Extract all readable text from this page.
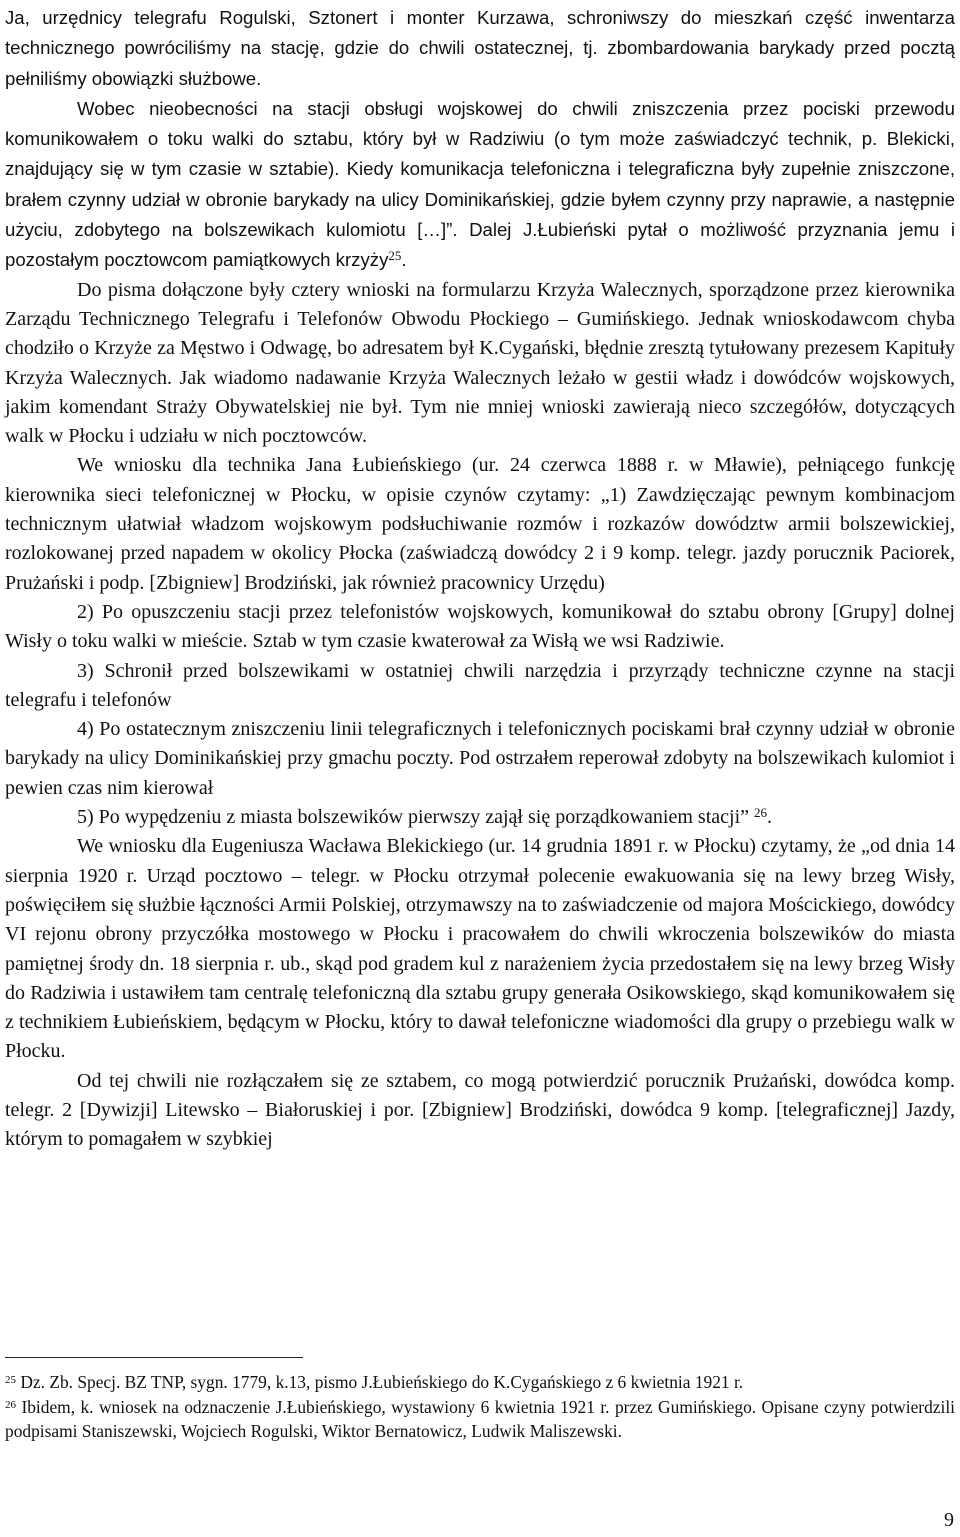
Ja, urzędnicy telegrafu Rogulski, Sztonert i monter Kurzawa, schroniwszy do mieszkań część inwentarza technicznego powróciliśmy na stację, gdzie do chwili ostatecznej, tj. zbombardowania barykady przed pocztą pełniliśmy obowiązki służbowe.

Wobec nieobecności na stacji obsługi wojskowej do chwili zniszczenia przez pociski przewodu komunikowałem o toku walki do sztabu, który był w Radziwiu (o tym może zaświadczyć technik, p. Blekicki, znajdujący się w tym czasie w sztabie). Kiedy komunikacja telefoniczna i telegraficzna były zupełnie zniszczone, brałem czynny udział w obronie barykady na ulicy Dominikańskiej, gdzie byłem czynny przy naprawie, a następnie użyciu, zdobytego na bolszewikach kulomiotu […]”. Dalej J.Łubieński pytał o możliwość przyznania jemu i pozostałym pocztowcom pamiątkowych krzyży$^{25}$.

Do pisma dołączone były cztery wnioski na formularzu Krzyża Walecznych, sporządzone przez kierownika Zarządu Technicznego Telegrafu i Telefonów Obwodu Płockiego – Gumińskiego. Jednak wnioskodawcom chyba chodziło o Krzyże za Męstwo i Odwagę, bo adresatem był K.Cygański, błędnie zresztą tytułowany prezesem Kapituły Krzyża Walecznych. Jak wiadomo nadawanie Krzyża Walecznych leżało w gestii władz i dowódców wojskowych, jakim komendant Straży Obywatelskiej nie był. Tym nie mniej wnioski zawierają nieco szczegółów, dotyczących walk w Płocku i udziału w nich pocztowców.

We wniosku dla technika Jana Łubieńskiego (ur. 24 czerwca 1888 r. w Mławie), pełniącego funkcję kierownika sieci telefonicznej w Płocku, w opisie czynów czytamy: „1) Zawdzięczając pewnym kombinacjom technicznym ułatwiał władzom wojskowym podsłuchiwanie rozmów i rozkazów dowództw armii bolszewickiej, rozlokowanej przed napadem w okolicy Płocka (zaświadczą dowódcy 2 i 9 komp. telegr. jazdy porucznik Paciorek, Prużański i podp. [Zbigniew] Brodziński, jak również pracownicy Urzędu)

2) Po opuszczeniu stacji przez telefonistów wojskowych, komunikował do sztabu obrony [Grupy] dolnej Wisły o toku walki w mieście. Sztab w tym czasie kwaterował za Wisłą we wsi Radziwie.

3) Schronił przed bolszewikami w ostatniej chwili narzędzia i przyrządy techniczne czynne na stacji telegrafu i telefonów

4) Po ostatecznym zniszczeniu linii telegraficznych i telefonicznych pociskami brał czynny udział w obronie barykady na ulicy Dominikańskiej przy gmachu poczty. Pod ostrzałem reperował zdobyty na bolszewikach kulomiot i pewien czas nim kierował

5) Po wypędzeniu z miasta bolszewików pierwszy zajął się porządkowaniem stacji” $^{26}$.

We wniosku dla Eugeniusza Wacława Blekickiego (ur. 14 grudnia 1891 r. w Płocku) czytamy, że „od dnia 14 sierpnia 1920 r. Urząd pocztowo – telegr. w Płocku otrzymał polecenie ewakuowania się na lewy brzeg Wisły, poświęciłem się służbie łączności Armii Polskiej, otrzymawszy na to zaświadczenie od majora Mościckiego, dowódcy VI rejonu obrony przyczółka mostowego w Płocku i pracowałem do chwili wkroczenia bolszewików do miasta pamiętnej środy dn. 18 sierpnia r. ub., skąd pod gradem kul z narażeniem życia przedostałem się na lewy brzeg Wisły do Radziwia i ustawiłem tam centralę telefoniczną dla sztabu grupy generała Osikowskiego, skąd komunikowałem się z technikiem Łubieńskiem, będącym w Płocku, który to dawał telefoniczne wiadomości dla grupy o przebiegu walk w Płocku.

Od tej chwili nie rozłączałem się ze sztabem, co mogą potwierdzić porucznik Prużański, dowódca komp. telegr. 2 [Dywizji] Litewsko – Białoruskiej i por. [Zbigniew] Brodziński, dowódca 9 komp. [telegraficznej] Jazdy, którym to pomagałem w szybkiej

$^{25}$ Dz. Zb. Specj. BZ TNP, sygn. 1779, k.13, pismo J.Łubieńskiego do K.Cygańskiego z 6 kwietnia 1921 r.

$^{26}$ Ibidem, k. wniosek na odznaczenie J.Łubieńskiego, wystawiony 6 kwietnia 1921 r. przez Gumińskiego. Opisane czyny potwierdzili podpisami Staniszewski, Wojciech Rogulski, Wiktor Bernatowicz, Ludwik Maliszewski.

9
